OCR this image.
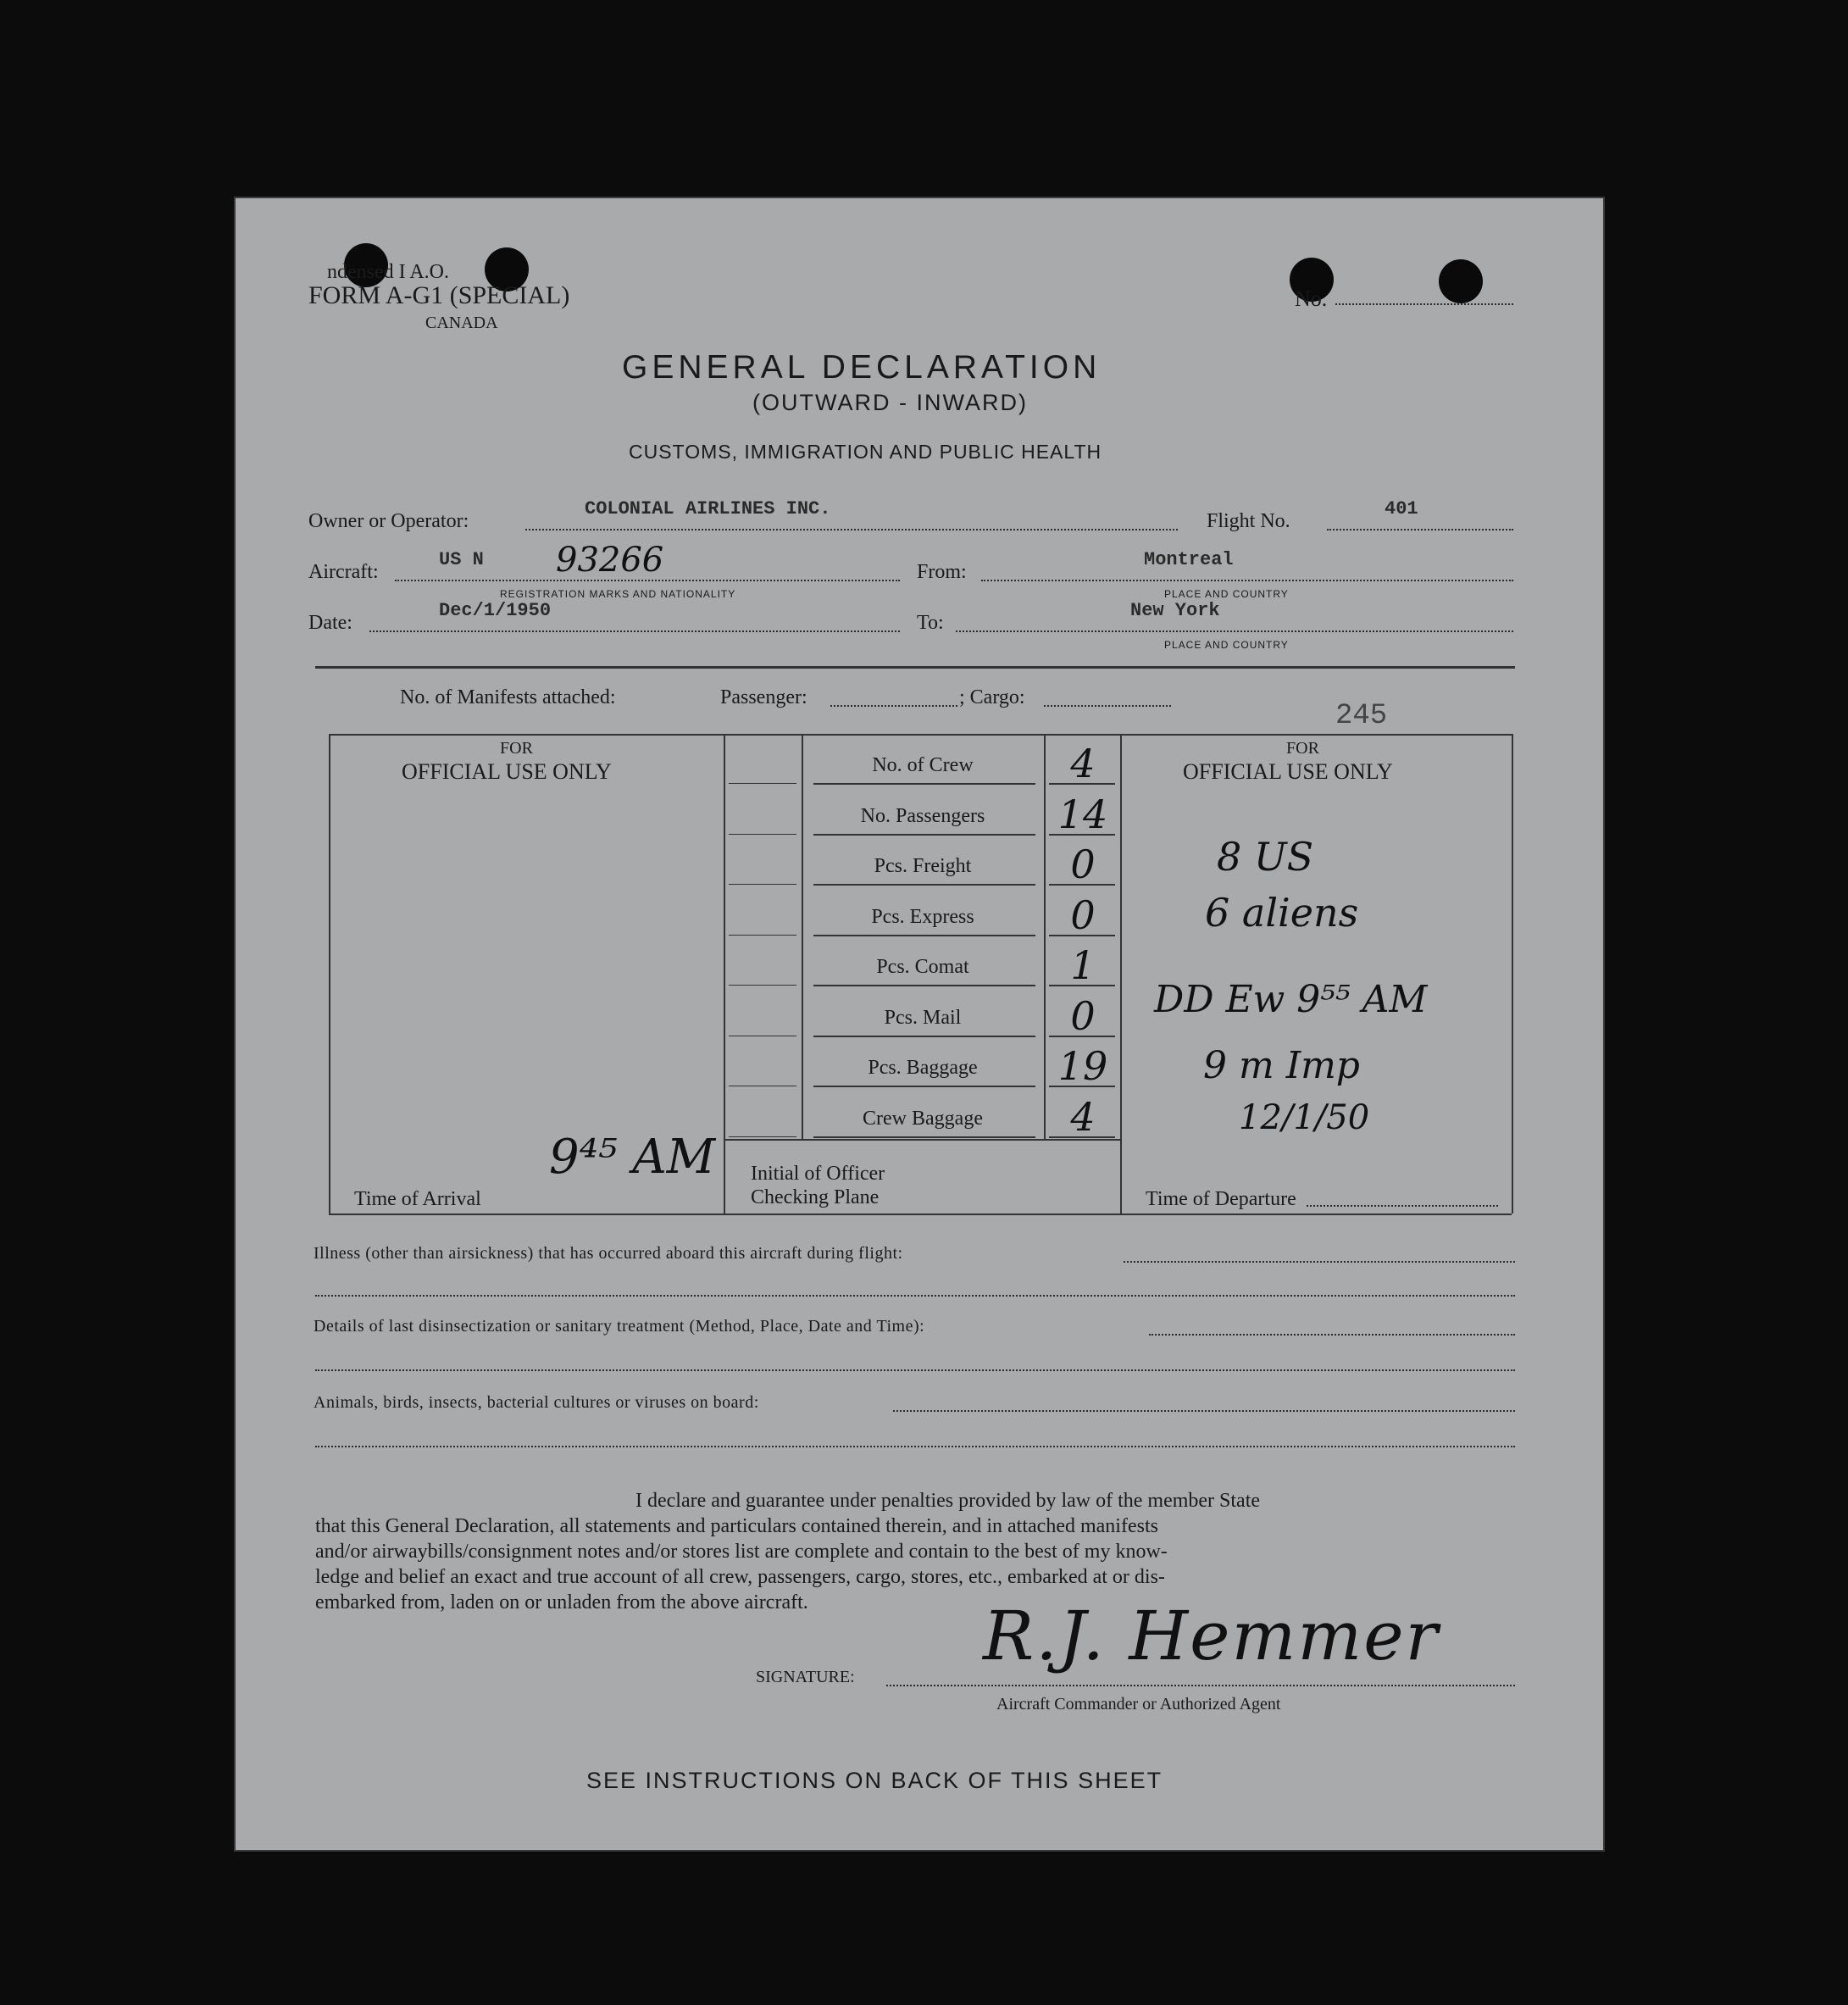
ndensed I A.O.
FORM A-G1 (SPECIAL)
CANADA
No.
GENERAL DECLARATION
(OUTWARD - INWARD)
CUSTOMS, IMMIGRATION AND PUBLIC HEALTH
Owner or Operator:
COLONIAL AIRLINES INC.
Flight No.
401
Aircraft:
US N 93266
REGISTRATION MARKS AND NATIONALITY
From:
Montreal
PLACE AND COUNTRY
Date:
Dec/1/1950
To:
New York
PLACE AND COUNTRY
No. of Manifests attached:	Passenger:	; Cargo:
245
FOR
OFFICIAL USE ONLY
Time of Arrival
9⁴⁵ AM
FOR
OFFICIAL USE ONLY
Time of Departure
Initial of Officer
Checking Plane
8 US
6 aliens
DD Ew 9⁵⁵ AM
9 m Imp
12/1/50
Illness (other than airsickness) that has occurred aboard this aircraft during flight:
Details of last disinsectization or sanitary treatment (Method, Place, Date and Time):
Animals, birds, insects, bacterial cultures or viruses on board:
I declare and guarantee under penalties provided by law of the member State
that this General Declaration, all statements and particulars contained therein, and in attached manifests
and/or airwaybills/consignment notes and/or stores list are complete and contain to the best of my know-
ledge and belief an exact and true account of all crew, passengers, cargo, stores, etc., embarked at or dis-
embarked from, laden on or unladen from the above aircraft.
SIGNATURE:
R.J. Hemmer
Aircraft Commander or Authorized Agent
SEE INSTRUCTIONS ON BACK OF THIS SHEET
No. of Crew	4
No. Passengers	14
Pcs. Freight	0
Pcs. Express	0
Pcs. Comat	1
Pcs. Mail	0
Pcs. Baggage	19
Crew Baggage	4
